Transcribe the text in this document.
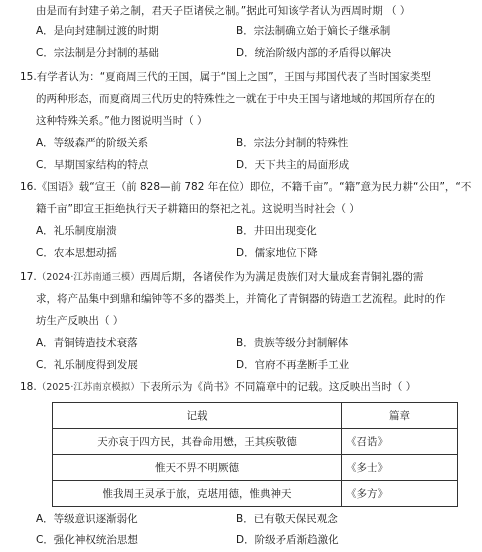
由是而有封建子弟之制，君天子臣诸侯之制。”据此可知该学者认为西周时期 （ ）
A．是向封建制过渡的时期	B．宗法制确立始于嫡长子继承制
C．宗法制是分封制的基础	D．统治阶级内部的矛盾得以解决
15.有学者认为：“夏商周三代的王国，属于“国上之国”，王国与邦国代表了当时国家类型
的两种形态，而夏商周三代历史的特殊性之一就在于中央王国与诸地域的邦国所存在的
这种特殊关系。”他力图说明当时（ ）
A．等级森严的阶级关系	B．宗法分封制的特殊性
C．早期国家结构的特点	D．天下共主的局面形成
16.《国语》载“宣王（前 828—前 782 年在位）即位，不籍千亩”。“籍”意为民力耕“公田”，“不
籍千亩”即宣王拒绝执行天子耕籍田的祭祀之礼。这说明当时社会（ ）
A．礼乐制度崩溃	B．井田出现变化
C．农本思想动摇	D．儒家地位下降
17.（2024·江苏南通三模）西周后期，各诸侯作为为满足贵族们对大量成套青铜礼器的需
求，将产品集中到鼎和编钟等不多的器类上，并简化了青铜器的铸造工艺流程。此时的作
坊生产反映出（ ）
A．青铜铸造技术衰落	B．贵族等级分封制解体
C．礼乐制度得到发展	D．官府不再垄断手工业
18.（2025·江苏南京模拟）下表所示为《尚书》不同篇章中的记载。这反映出当时（ ）
记载	篇章
天亦哀于四方民，其眷命用懋，王其疾敬德	《召诰》
惟天不畀不明厥德	《多士》
惟我周王灵承于旅，克堪用德，惟典神天	《多方》
A．等级意识逐渐弱化	B．已有敬天保民观念
C．强化神权统治思想	D．阶级矛盾渐趋激化
